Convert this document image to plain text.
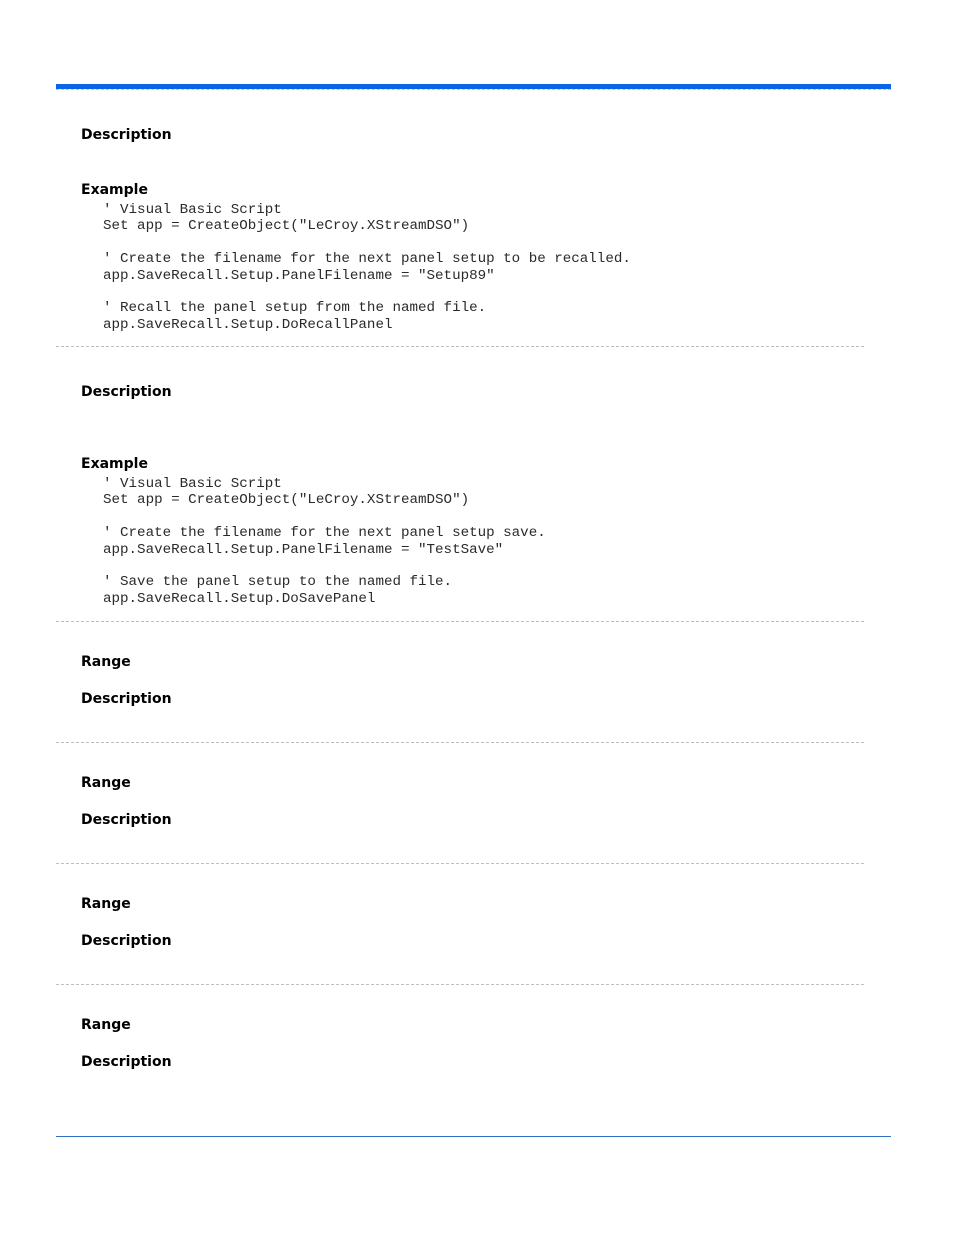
Description
Example
' Visual Basic Script
Set app = CreateObject("LeCroy.XStreamDSO")

' Create the filename for the next panel setup to be recalled.
app.SaveRecall.Setup.PanelFilename = "Setup89"

' Recall the panel setup from the named file.
app.SaveRecall.Setup.DoRecallPanel
Description
Example
' Visual Basic Script
Set app = CreateObject("LeCroy.XStreamDSO")

' Create the filename for the next panel setup save.
app.SaveRecall.Setup.PanelFilename = "TestSave"

' Save the panel setup to the named file.
app.SaveRecall.Setup.DoSavePanel
Range
Description
Range
Description
Range
Description
Range
Description
